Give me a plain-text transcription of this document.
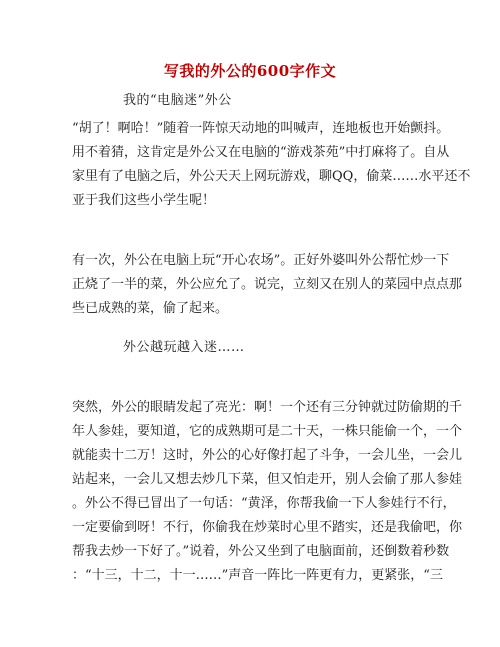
写我的外公的600字作文
我的“电脑迷”外公
“胡了！啊哈！”随着一阵惊天动地的叫喊声，连地板也开始颤抖。
用不着猜，这肯定是外公又在电脑的“游戏茶苑”中打麻将了。自从
家里有了电脑之后，外公天天上网玩游戏，聊QQ，偷菜……水平还不
亚于我们这些小学生呢！
有一次，外公在电脑上玩“开心农场”。正好外婆叫外公帮忙炒一下
正烧了一半的菜，外公应允了。说完，立刻又在别人的菜园中点点那
些已成熟的菜，偷了起来。
外公越玩越入迷……
突然，外公的眼睛发起了亮光：啊！一个还有三分钟就过防偷期的千
年人参娃，要知道，它的成熟期可是二十天，一株只能偷一个，一个
就能卖十二万！这时，外公的心好像打起了斗争，一会儿坐，一会儿
站起来，一会儿又想去炒几下菜，但又怕走开，别人会偷了那人参娃
。外公不得已冒出了一句话：“黄泽，你帮我偷一下人参娃行不行，
一定要偷到呀！不行，你偷我在炒菜时心里不踏实，还是我偷吧，你
帮我去炒一下好了。”说着，外公又坐到了电脑面前，还倒数着秒数
：“十三，十二，十一……”声音一阵比一阵更有力，更紧张，“三
